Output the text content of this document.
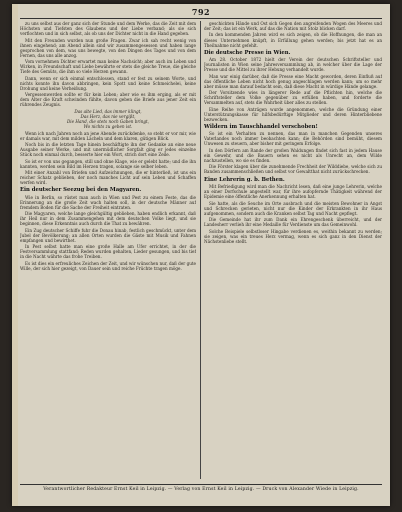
792

zu uns selbst aus der ganz sich der Stunde und dem Werke, das die Zeit mit dem Höchsten und Tiefsten des Glaubens und der Liebe verband; als sie sich verflochten und in sich selbst, als ob uns der Dichter nicht in die Hand gegeben.

Mit den Freunden wurden nun große Fragen. Zwar ich sah recht wenig von ihnen eingehend; am Abend allein sind wir zusammengesessen und haben lange gesprochen von dem, was uns bewegte, von den Dingen des Tages und von dem Fernen, das uns alle anzog.

Vom vornehmen Dichter erwartet man keine Nachsicht; aber auch im Leben und Wirken, in Freundschaft und Liebe bewährte er stets die gleiche Treue, die gleiche Tiefe des Gemüts, die ihm so viele Herzen gewann.

Dann, wenn er sich einmal entschlossen, stand er fest zu seinem Worte, und nichts konnte ihn davon abbringen, kein Spott und keine Schmeichelei, keine Drohung und keine Verheißung.

Vergessenwerden sollte er für kein Leben; aber wie es ihm erging, als er mit dem Alter die Kraft schwinden fühlte, davon geben die Briefe aus jener Zeit ein rührendes Zeugnis.

Das alte Lied, das immer klingt,
Das Herz, das nie vergißt,
Die Hand, die stets noch Gaben bringt,
Wo nichts zu geben ist.

Wenn ich nach Jahren noch an jene Abende zurückdenke, so steht er vor mir, wie er damals war, mit dem milden Lächeln und dem klaren, gütigen Blick.

Noch bis in die letzten Tage hinein beschäftigte ihn der Gedanke an eine neue Ausgabe seiner Werke, und mit unermüdlicher Sorgfalt ging er jedes einzelne Stück noch einmal durch, besserte hier ein Wort, strich dort eine Zeile.

So ist er von uns gegangen, still und ohne Klage, wie er gelebt hatte; und die ihn kannten, werden sein Bild im Herzen tragen, solange sie selber leben.

Mit einer Anzahl von Briefen und Aufzeichnungen, die er hinterließ, ist uns ein reicher Schatz geblieben, der noch manches Licht auf sein Leben und Schaffen werfen wird.

Ein deutscher Seezug bei den Magyaren.

Wie in Berlin, so rüstet man auch in Wien und Pest zu einem Feste, das die Erinnerung an die große Zeit wach halten soll, in der deutsche Männer auf fremdem Boden für die Sache der Freiheit eintraten.

Die Magyaren, welche lange gleichgültig geblieben, haben endlich erkannt, daß ihr Heil nur in dem Zusammengehen mit dem deutschen Volke liegt, und sie beginnen, diese Erkenntnis auch durch die That zu bewähren.

Ein Zug deutscher Schiffe fuhr die Donau hinab, festlich geschmückt, unter dem Jubel der Bevölkerung; an allen Orten wurden die Gäste mit Musik und Fahnen empfangen und bewirthet.

In Pest selbst hatte man eine große Halle am Ufer errichtet, in der die Festversammlung stattfand; Reden wurden gehalten, Lieder gesungen, und bis tief in die Nacht währte das frohe Treiben.

Es ist dies ein erfreuliches Zeichen der Zeit, und wir wünschen nur, daß der gute Wille, der sich hier gezeigt, von Dauer sein und reiche Früchte tragen möge.

geschickten Hände und Ost sich Gegen den angreifenden Wogen des Meeres und der Zeit; das ist ein Werk, auf das die Nation mit Stolz blicken darf.

In den kommenden Jahren wird es sich zeigen, ob die Hoffnungen, die man an dieses Unternehmen knüpft, in Erfüllung gehen werden; bis jetzt hat es an Theilnahme nicht gefehlt.

Die deutsche Presse in Wien.

Am 28. October 1872 hielt der Verein der deutschen Schriftsteller und Journalisten in Wien seine Jahresversammlung ab, in welcher über die Lage der Presse und die Mittel zu ihrer Hebung verhandelt wurde.

Man war einig darüber, daß die Presse eine Macht geworden, deren Einfluß auf das öffentliche Leben nicht hoch genug angeschlagen werden kann; um so mehr aber müsse man darauf bedacht sein, daß diese Macht in würdige Hände gelange.

Der Vorsitzende wies in längerer Rede auf die Pflichten hin, welche die Schriftsteller dem Volke gegenüber zu erfüllen haben, und forderte die Versammelten auf, stets die Wahrheit über alles zu stellen.

Eine Reihe von Anträgen wurde angenommen, welche die Gründung einer Unterstützungskasse für hilfsbedürftige Mitglieder und deren Hinterbliebene bezwecken.

Wildern im Tauschhandel verschoben!

So ist ein Verhalten zu nennen, das man in manchen Gegenden unseres Vaterlandes noch immer beobachten kann; die Behörden sind bemüht, diesem Unwesen zu steuern, aber bisher mit geringem Erfolge.

In den Dörfern am Rande der großen Waldungen findet sich fast in jedem Hause ein Gewehr, und die Bauern sehen es nicht als Unrecht an, dem Wilde nachzustellen, wo sie es finden.

Die Förster klagen über die zunehmende Frechheit der Wilddiebe, welche sich zu Banden zusammenschließen und selbst vor Gewaltthat nicht zurückschrecken.

Eine Lehrerin g. b. Bethen.

Mit Befriedigung wird man die Nachricht lesen, daß eine junge Lehrerin, welche an einer Dorfschule angestellt war, für ihre aufopfernde Thätigkeit während der Epidemie eine öffentliche Anerkennung erhalten hat.

Sie hatte, als die Seuche im Orte ausbrach und die meisten Bewohner in Angst und Schrecken gerieten, nicht nur die Kinder der Erkrankten in ihr Haus aufgenommen, sondern auch die Kranken selbst Tag und Nacht gepflegt.

Die Gemeinde hat ihr zum Dank ein Ehrengeschenk überreicht, und der Landesherr verlieh ihr eine Medaille für Verdienste um das Gemeinwohl.

Solche Beispiele selbstloser Hingabe verdienen es, weithin bekannt zu werden; sie zeigen, was ein treues Herz vermag, wenn es sich ganz in den Dienst der Nächstenliebe stellt.

Verantwortlicher Redakteur Ernst Keil in Leipzig. — Verlag von Ernst Keil in Leipzig. — Druck von Alexander Wiede in Leipzig.
